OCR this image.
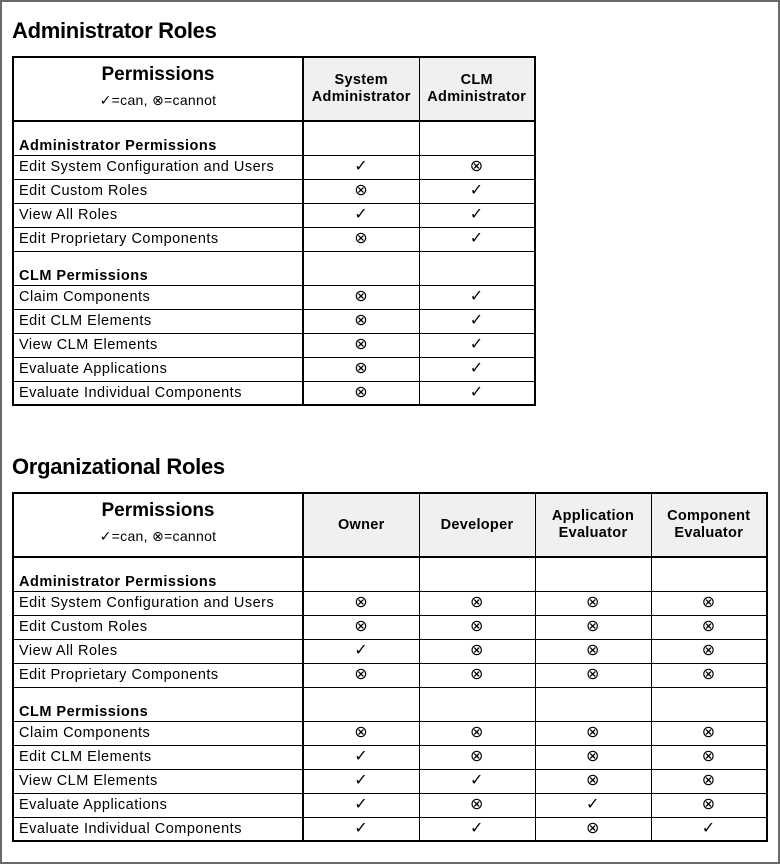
Administrator Roles
Permissions
✓=can, ⊗=cannot	System Administrator	CLM Administrator
Administrator Permissions		
Edit System Configuration and Users	✓	⊗
Edit Custom Roles	⊗	✓
View All Roles	✓	✓
Edit Proprietary Components	⊗	✓
CLM Permissions		
Claim Components	⊗	✓
Edit CLM Elements	⊗	✓
View CLM Elements	⊗	✓
Evaluate Applications	⊗	✓
Evaluate Individual Components	⊗	✓
Organizational Roles
Permissions
✓=can, ⊗=cannot	Owner	Developer	Application Evaluator	Component Evaluator
Administrator Permissions				
Edit System Configuration and Users	⊗	⊗	⊗	⊗
Edit Custom Roles	⊗	⊗	⊗	⊗
View All Roles	✓	⊗	⊗	⊗
Edit Proprietary Components	⊗	⊗	⊗	⊗
CLM Permissions				
Claim Components	⊗	⊗	⊗	⊗
Edit CLM Elements	✓	⊗	⊗	⊗
View CLM Elements	✓	✓	⊗	⊗
Evaluate Applications	✓	⊗	✓	⊗
Evaluate Individual Components	✓	✓	⊗	✓
